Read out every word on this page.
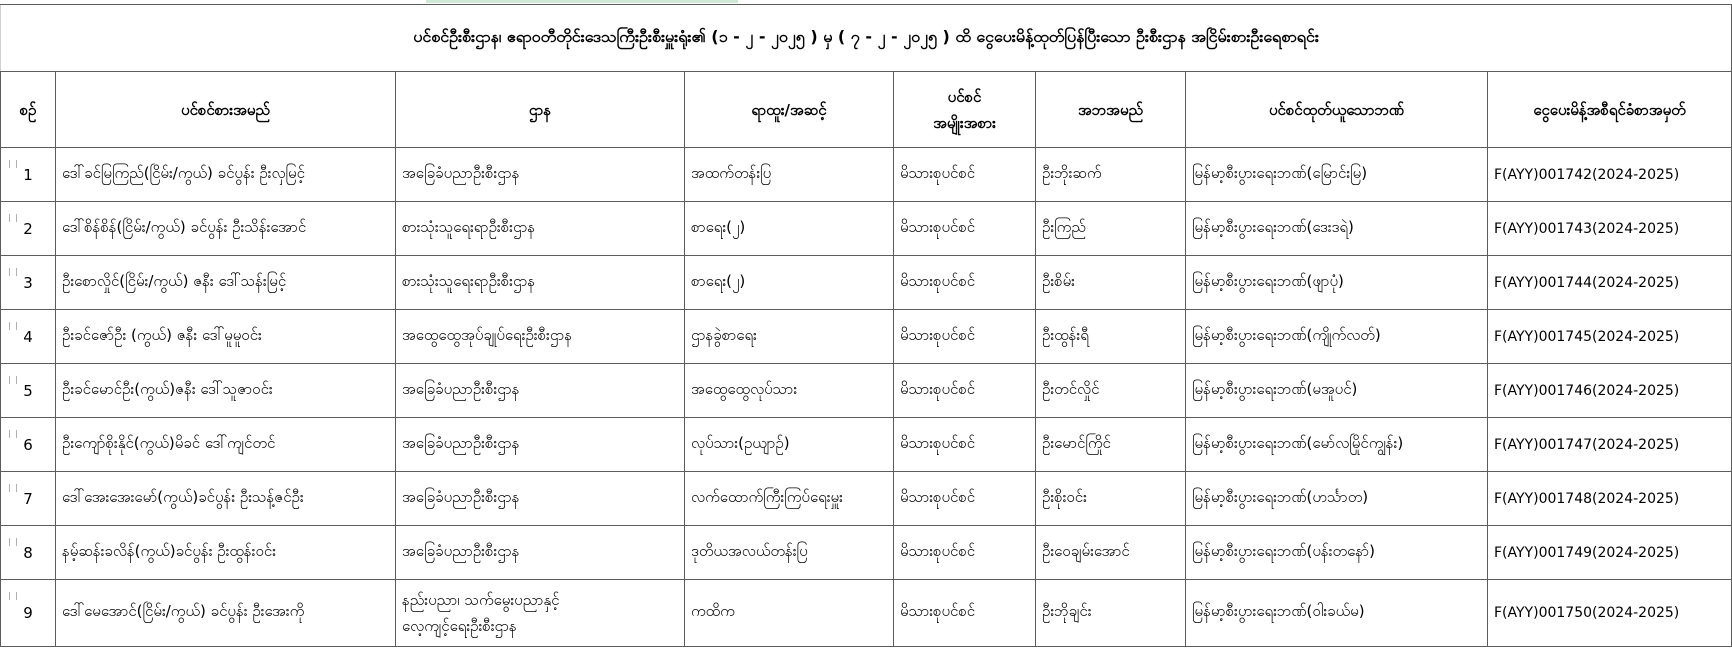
ပင်စင်ဦးစီးဌာန၊ ဧရာဝတီတိုင်းဒေသကြီးဦးစီးမှူးရုံး၏ (၁ - ၂ - ၂၀၂၅ ) မှ ( ၇ - ၂ - ၂၀၂၅ ) ထိ ငွေပေးမိန့်ထုတ်ပြန်ပြီးသော ဦးစီးဌာန အငြိမ်းစားဦးရေစာရင်း							
စဉ်	ပင်စင်စားအမည်	ဌာန	ရာထူး/အဆင့်	ပင်စင်
အမျိုးအစား	အဘအမည်	ပင်စင်ထုတ်ယူသောဘဏ်	ငွေပေးမိန့်အစီရင်ခံစာအမှတ်

1	ဒေါ်ခင်မြကြည်(ငြိမ်း/ကွယ်) ခင်ပွန်း ဦးလှမြင့်	အခြေခံပညာဦးစီးဌာန	အထက်တန်းပြ	မိသားစုပင်စင်	ဦးဘိုးဆက်	မြန်မာ့စီးပွားရေးဘဏ်(မြောင်းမြ)	F(AYY)001742(2024-2025)

2	ဒေါ်စိန်စိန်(ငြိမ်း/ကွယ်) ခင်ပွန်း ဦးသိန်းအောင်	စားသုံးသူရေးရာဦးစီးဌာန	စာရေး(၂)	မိသားစုပင်စင်	ဦးကြည်	မြန်မာ့စီးပွားရေးဘဏ်(ဒေးဒရဲ)	F(AYY)001743(2024-2025)

3	ဦးစောလှိုင်(ငြိမ်း/ကွယ်) ဇနီး ဒေါ်သန်းမြင့်	စားသုံးသူရေးရာဦးစီးဌာန	စာရေး(၂)	မိသားစုပင်စင်	ဦးစိမ်း	မြန်မာ့စီးပွားရေးဘဏ်(ဖျာပုံ)	F(AYY)001744(2024-2025)

4	ဦးခင်ဇော်ဦး (ကွယ်) ဇနီး ဒေါ်မူမူဝင်း	အထွေထွေအုပ်ချုပ်ရေးဦးစီးဌာန	ဌာနခွဲစာရေး	မိသားစုပင်စင်	ဦးထွန်းရီ	မြန်မာ့စီးပွားရေးဘဏ်(ကျိုက်လတ်)	F(AYY)001745(2024-2025)

5	ဦးခင်မောင်ဦး(ကွယ်)ဇနီး ဒေါ်သူဇာဝင်း	အခြေခံပညာဦးစီးဌာန	အထွေထွေလုပ်သား	မိသားစုပင်စင်	ဦးတင်လှိုင်	မြန်မာ့စီးပွားရေးဘဏ်(မအူပင်)	F(AYY)001746(2024-2025)

6	ဦးကျော်စိုးနိုင်(ကွယ်)မိခင် ဒေါ်ကျင်တင်	အခြေခံပညာဦးစီးဌာန	လုပ်သား(ဥယျာဉ်)	မိသားစုပင်စင်	ဦးမောင်ကြိုင်	မြန်မာ့စီးပွားရေးဘဏ်(မော်လမြိုင်ကျွန်း)	F(AYY)001747(2024-2025)

7	ဒေါ်အေးအေးမော်(ကွယ်)ခင်ပွန်း ဦးသန့်ဇင်ဦး	အခြေခံပညာဦးစီးဌာန	လက်ထောက်ကြီးကြပ်ရေးမှူး	မိသားစုပင်စင်	ဦးစိုးဝင်း	မြန်မာ့စီးပွားရေးဘဏ်(ဟင်္သာတ)	F(AYY)001748(2024-2025)

8	နမ့်ဆန်းခလိန်(ကွယ်)ခင်ပွန်း ဦးထွန်းဝင်း	အခြေခံပညာဦးစီးဌာန	ဒုတိယအလယ်တန်းပြ	မိသားစုပင်စင်	ဦးဝေချမ်းအောင်	မြန်မာ့စီးပွားရေးဘဏ်(ပန်းတနော်)	F(AYY)001749(2024-2025)

9	ဒေါ်မေအောင်(ငြိမ်း/ကွယ်) ခင်ပွန်း ဦးအေးကို	နည်းပညာ၊ သက်မွေးပညာနှင့်
လေ့ကျင့်ရေးဦးစီးဌာန	ကထိက	မိသားစုပင်စင်	ဦးဘိုချင်း	မြန်မာ့စီးပွားရေးဘဏ်(ဝါးခယ်မ)	F(AYY)001750(2024-2025)
